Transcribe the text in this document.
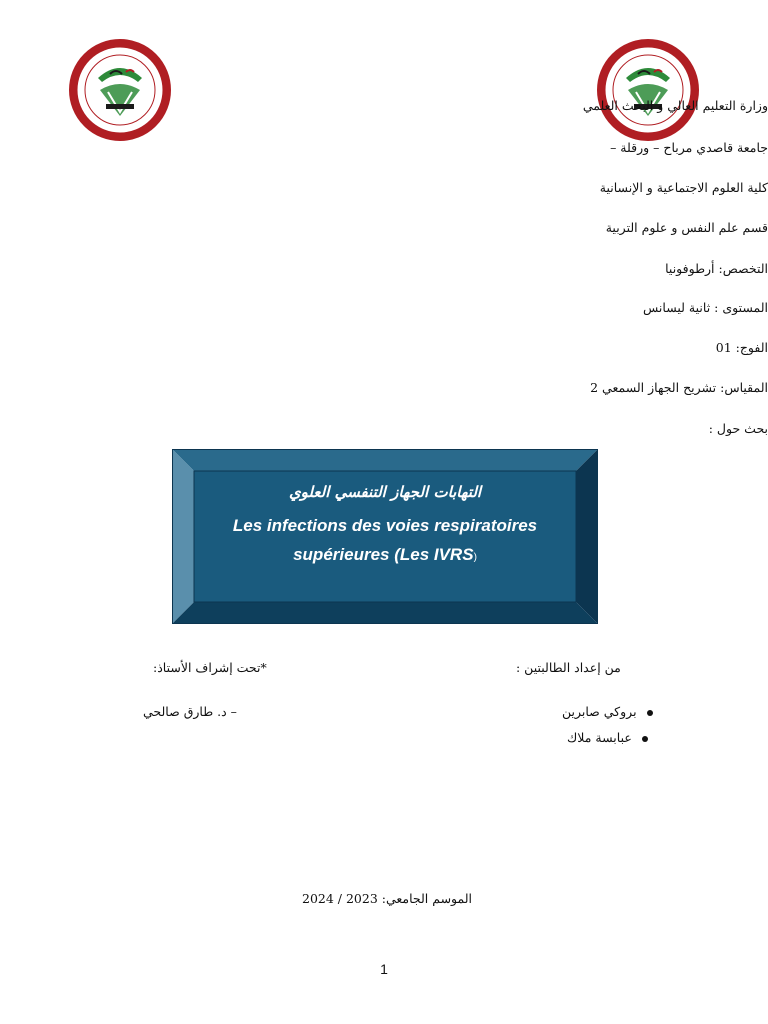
وزارة التعليم العالي و البحث العلمي
جامعة قاصدي مرباح – ورقلة –
كلية العلوم الاجتماعية و الإنسانية
قسم علم النفس و علوم التربية
التخصص: أرطوفونيا
المستوى : ثانية ليسانس
الفوج: 01
المقياس: تشريح الجهاز السمعي 2
بحث حول :
التهابات الجهاز التنفسي العلوي
Les infections des voies respiratoires
supérieures (Les IVRS)
من إعداد الطالبتين :
*تحت إشراف الأستاذ:
بروكي صابرين
عبابسة ملاك
– د. طارق صالحي
الموسم الجامعي: 2023 / 2024
1
